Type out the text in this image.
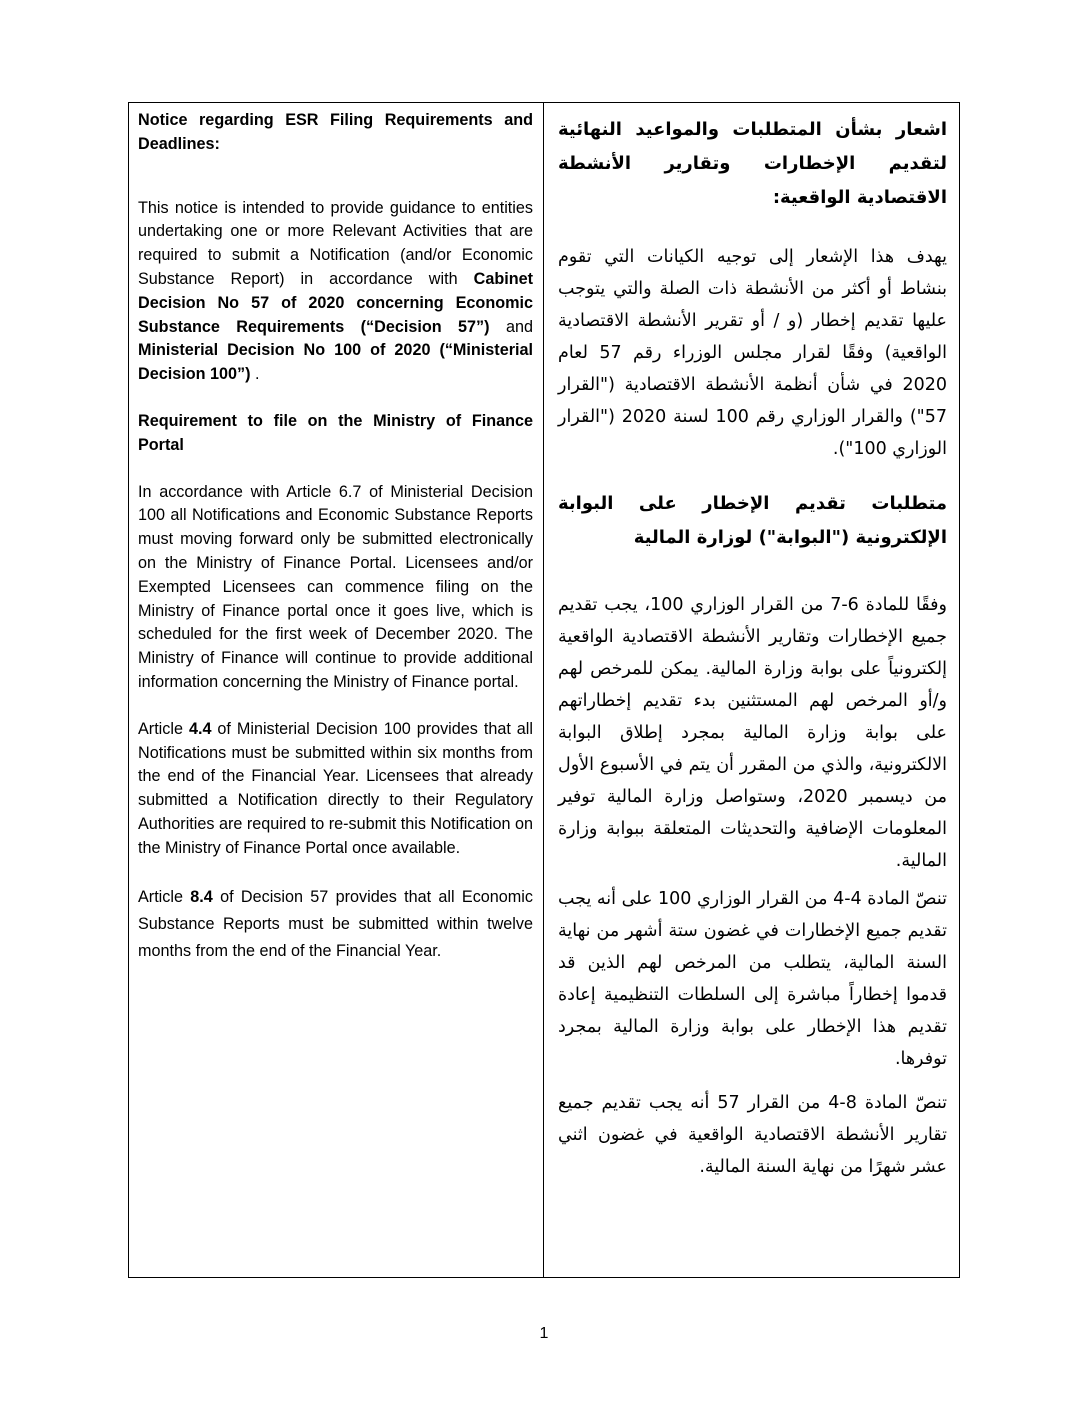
Notice regarding ESR Filing Requirements and Deadlines:

This notice is intended to provide guidance to entities undertaking one or more Relevant Activities that are required to submit a Notification (and/or Economic Substance Report) in accordance with Cabinet Decision No 57 of 2020 concerning Economic Substance Requirements (“Decision 57”) and Ministerial Decision No 100 of 2020 (“Ministerial Decision 100”) .

Requirement to file on the Ministry of Finance Portal

In accordance with Article 6.7 of Ministerial Decision 100 all Notifications and Economic Substance Reports must moving forward only be submitted electronically on the Ministry of Finance Portal. Licensees and/or Exempted Licensees can commence filing on the Ministry of Finance portal once it goes live, which is scheduled for the first week of December 2020. The Ministry of Finance will continue to provide additional information concerning the Ministry of Finance portal.

Article 4.4 of Ministerial Decision 100 provides that all Notifications must be submitted within six months from the end of the Financial Year. Licensees that already submitted a Notification directly to their Regulatory Authorities are required to re-submit this Notification on the Ministry of Finance Portal once available.

Article 8.4 of Decision 57 provides that all Economic Substance Reports must be submitted within twelve months from the end of the Financial Year.

اشعار بشأن المتطلبات والمواعيد النهائية لتقديم الإخطارات وتقارير الأنشطة الاقتصادية الواقعية:

يهدف هذا الإشعار إلى توجيه الكيانات التي تقوم بنشاط أو أكثر من الأنشطة ذات الصلة والتي يتوجب عليها تقديم إخطار (و / أو تقرير الأنشطة الاقتصادية الواقعية) وفقًا لقرار مجلس الوزراء رقم 57 لعام 2020 في شأن أنظمة الأنشطة الاقتصادية ("القرار 57") والقرار الوزاري رقم 100 لسنة 2020 ("القرار الوزاري 100").

متطلبات تقديم الإخطار على البوابة الإلكترونية ("البوابة") لوزارة المالية

وفقًا للمادة 6-7 من القرار الوزاري 100، يجب تقديم جميع الإخطارات وتقارير الأنشطة الاقتصادية الواقعية إلكترونياً على بوابة وزارة المالية. يمكن للمرخص لهم و/أو المرخص لهم المستثنين بدء تقديم إخطاراتهم على بوابة وزارة المالية بمجرد إطلاق البوابة الالكترونية، والذي من المقرر أن يتم في الأسبوع الأول من ديسمبر 2020، وستواصل وزارة المالية توفير المعلومات الإضافية والتحديثات المتعلقة ببوابة وزارة المالية.

تنصّ المادة 4-4 من القرار الوزاري 100 على أنه يجب تقديم جميع الإخطارات في غضون ستة أشهر من نهاية السنة المالية، يتطلب من المرخص لهم الذين قد قدموا إخطاراً مباشرة إلى السلطات التنظيمية إعادة تقديم هذا الإخطار على بوابة وزارة المالية بمجرد توفرها.

تنصّ المادة 8-4 من القرار 57 أنه يجب تقديم جميع تقارير الأنشطة الاقتصادية الواقعية في غضون اثني عشر شهرًا من نهاية السنة المالية.

1
